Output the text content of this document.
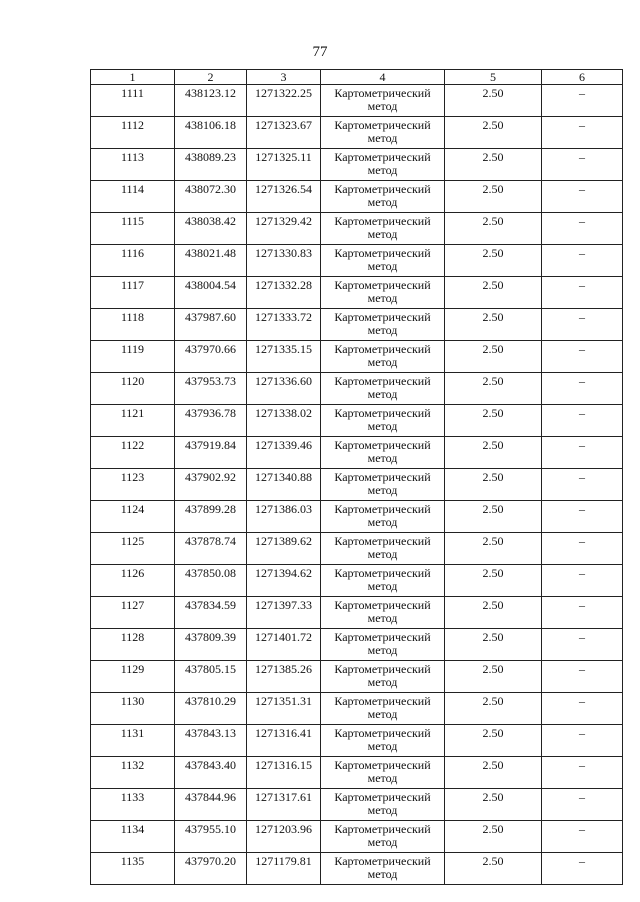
77
1	2	3	4	5	6
1111	438123.12	1271322.25	Картометрический метод	2.50	–
1112	438106.18	1271323.67	Картометрический метод	2.50	–
1113	438089.23	1271325.11	Картометрический метод	2.50	–
1114	438072.30	1271326.54	Картометрический метод	2.50	–
1115	438038.42	1271329.42	Картометрический метод	2.50	–
1116	438021.48	1271330.83	Картометрический метод	2.50	–
1117	438004.54	1271332.28	Картометрический метод	2.50	–
1118	437987.60	1271333.72	Картометрический метод	2.50	–
1119	437970.66	1271335.15	Картометрический метод	2.50	–
1120	437953.73	1271336.60	Картометрический метод	2.50	–
1121	437936.78	1271338.02	Картометрический метод	2.50	–
1122	437919.84	1271339.46	Картометрический метод	2.50	–
1123	437902.92	1271340.88	Картометрический метод	2.50	–
1124	437899.28	1271386.03	Картометрический метод	2.50	–
1125	437878.74	1271389.62	Картометрический метод	2.50	–
1126	437850.08	1271394.62	Картометрический метод	2.50	–
1127	437834.59	1271397.33	Картометрический метод	2.50	–
1128	437809.39	1271401.72	Картометрический метод	2.50	–
1129	437805.15	1271385.26	Картометрический метод	2.50	–
1130	437810.29	1271351.31	Картометрический метод	2.50	–
1131	437843.13	1271316.41	Картометрический метод	2.50	–
1132	437843.40	1271316.15	Картометрический метод	2.50	–
1133	437844.96	1271317.61	Картометрический метод	2.50	–
1134	437955.10	1271203.96	Картометрический метод	2.50	–
1135	437970.20	1271179.81	Картометрический метод	2.50	–
